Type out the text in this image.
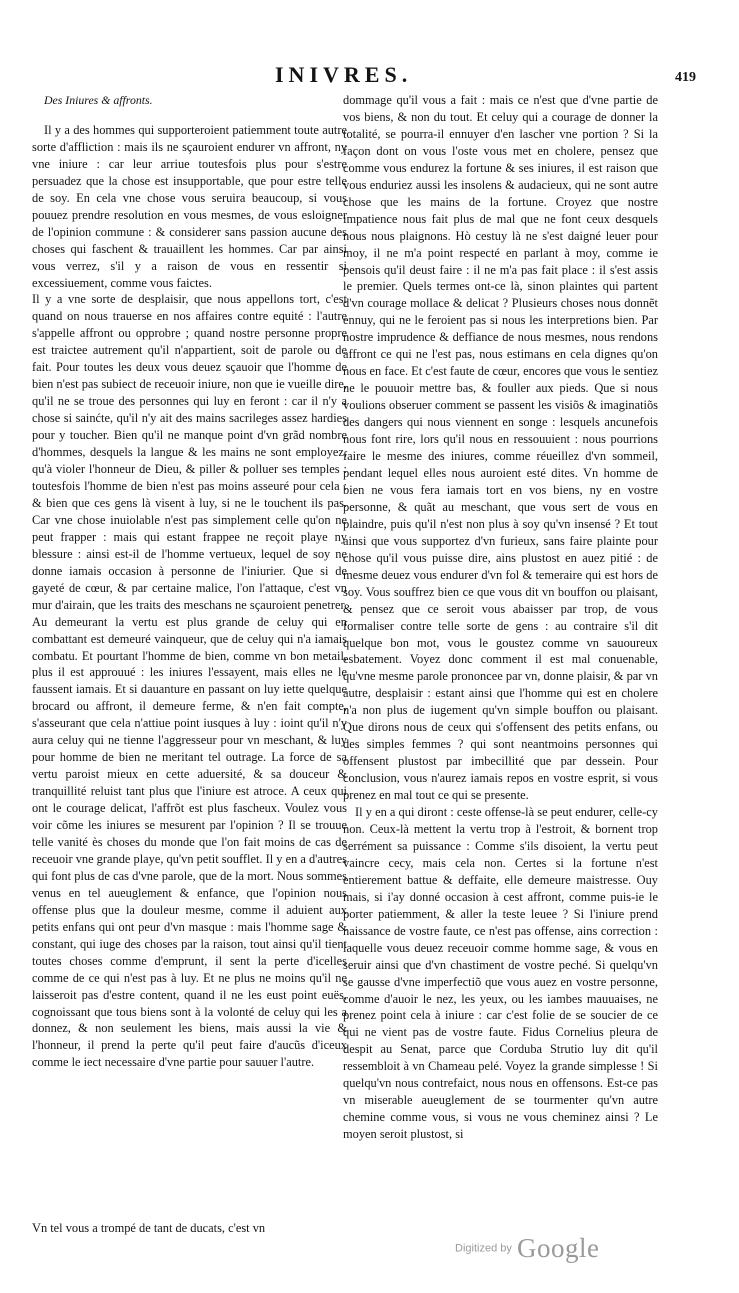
INIVRES.	419
Des Iniures & affronts.

Il y a des hommes qui supporteroient patiemment toute autre sorte d'affliction : mais ils ne sçauroient endurer vn affront, ny vne iniure : car leur arriue toutesfois plus pour s'estre persuadez que la chose est insupportable, que pour estre telle de soy. En cela vne chose vous seruira beaucoup, si vous pouuez prendre resolution en vous mesmes, de vous esloigner de l'opinion commune : & considerer sans passion aucune des choses qui faschent & trauaillent les hommes. Car par ainsi vous verrez, s'il y a raison de vous en ressentir si excessiuement, comme vous faictes.

Il y a vne sorte de desplaisir, que nous appellons tort, c'est quand on nous trauerse en nos affaires contre equité : l'autre s'appelle affront ou opprobre ; quand nostre personne propre est traictee autrement qu'il n'appartient, soit de parole ou de fait. Pour toutes les deux vous deuez sçauoir que l'homme de bien n'est pas subiect de receuoir iniure, non que ie vueille dire, qu'il ne se troue des personnes qui luy en feront : car il n'y a chose si sainćte, qu'il n'y ait des mains sacrileges assez hardies pour y toucher. Bien qu'il ne manque point d'vn grãd nombre d'hommes, desquels la langue & les mains ne sont employez, qu'à violer l'honneur de Dieu, & piller & polluer ses temples : toutesfois l'homme de bien n'est pas moins asseuré pour cela : & bien que ces gens là visent à luy, si ne le touchent ils pas. Car vne chose inuiolable n'est pas simplement celle qu'on ne peut frapper : mais qui estant frappee ne reçoit playe ny blessure : ainsi est-il de l'homme vertueux, lequel de soy ne donne iamais occasion à personne de l'iniurier. Que si de gayeté de cœur, & par certaine malice, l'on l'attaque, c'est vn mur d'airain, que les traits des meschans ne sçauroient penetrer. Au demeurant la vertu est plus grande de celuy qui en combattant est demeuré vainqueur, que de celuy qui n'a iamais combatu. Et pourtant l'homme de bien, comme vn bon metail, plus il est approuué : les iniures l'essayent, mais elles ne le faussent iamais. Et si dauanture en passant on luy iette quelque brocard ou affront, il demeure ferme, & n'en fait compte, s'asseurant que cela n'attiue point iusques à luy : ioint qu'il n'y aura celuy qui ne tienne l'aggresseur pour vn meschant, & luy pour homme de bien ne meritant tel outrage. La force de sa vertu paroist mieux en cette aduersité, & sa douceur & tranquillité reluist tant plus que l'iniure est atroce. A ceux qui ont le courage delicat, l'affrõt est plus fascheux. Voulez vous voir cõme les iniures se mesurent par l'opinion ? Il se trouue telle vanité ès choses du monde que l'on fait moins de cas de receuoir vne grande playe, qu'vn petit soufflet. Il y en a d'autres qui font plus de cas d'vne parole, que de la mort. Nous sommes venus en tel aueuglement & enfance, que l'opinion nous offense plus que la douleur mesme, comme il aduient aux petits enfans qui ont peur d'vn masque : mais l'homme sage & constant, qui iuge des choses par la raison, tout ainsi qu'il tient toutes choses comme d'emprunt, il sent la perte d'icelles comme de ce qui n'est pas à luy. Et ne plus ne moins qu'il ne laisseroit pas d'estre content, quand il ne les eust point euës, cognoissant que tous biens sont à la volonté de celuy qui les a donnez, & non seulement les biens, mais aussi la vie & l'honneur, il prend la perte qu'il peut faire d'aucũs d'iceux comme le iect necessaire d'vne partie pour sauuer l'autre.

Vn tel vous a trompé de tant de ducats, c'est vn

dommage qu'il vous a fait : mais ce n'est que d'vne partie de vos biens, & non du tout. Et celuy qui a courage de donner la totalité, se pourra-il ennuyer d'en lascher vne portion ? Si la façon dont on vous l'oste vous met en cholere, pensez que comme vous endurez la fortune & ses iniures, il est raison que vous enduriez aussi les insolens & audacieux, qui ne sont autre chose que les mains de la fortune. Croyez que nostre impatience nous fait plus de mal que ne font ceux desquels nous nous plaignons. Hò cestuy là ne s'est daigné leuer pour moy, il ne m'a point respecté en parlant à moy, comme ie pensois qu'il deust faire : il ne m'a pas fait place : il s'est assis le premier. Quels termes ont-ce là, sinon plaintes qui partent d'vn courage mollace & delicat ? Plusieurs choses nous donnẽt ennuy, qui ne le feroient pas si nous les interpretions bien. Par nostre imprudence & deffiance de nous mesmes, nous rendons affront ce qui ne l'est pas, nous estimans en cela dignes qu'on nous en face. Et c'est faute de cœur, encores que vous le sentiez ne le pouuoir mettre bas, & fouller aux pieds. Que si nous voulions obseruer comment se passent les visiõs & imaginatiõs des dangers qui nous viennent en songe : lesquels ancunefois nous font rire, lors qu'il nous en ressouuient : nous pourrions faire le mesme des iniures, comme réueillez d'vn sommeil, pendant lequel elles nous auroient esté dites. Vn homme de bien ne vous fera iamais tort en vos biens, ny en vostre personne, & quãt au meschant, que vous sert de vous en plaindre, puis qu'il n'est non plus à soy qu'vn insensé ? Et tout ainsi que vous supportez d'vn furieux, sans faire plainte pour chose qu'il vous puisse dire, ains plustost en auez pitié : de mesme deuez vous endurer d'vn fol & temeraire qui est hors de soy. Vous souffrez bien ce que vous dit vn bouffon ou plaisant, & pensez que ce seroit vous abaisser par trop, de vous formaliser contre telle sorte de gens : au contraire s'il dit quelque bon mot, vous le goustez comme vn sauoureux esbatement. Voyez donc comment il est mal conuenable, qu'vne mesme parole prononcee par vn, donne plaisir, & par vn autre, desplaisir : estant ainsi que l'homme qui est en cholere n'a non plus de iugement qu'vn simple bouffon ou plaisant. Que dirons nous de ceux qui s'offensent des petits enfans, ou des simples femmes ? qui sont neantmoins personnes qui offensent plustost par imbecillité que par dessein. Pour conclusion, vous n'aurez iamais repos en vostre esprit, si vous prenez en mal tout ce qui se presente.

Il y en a qui diront : ceste offense-là se peut endurer, celle-cy non. Ceux-là mettent la vertu trop à l'estroit, & bornent trop serrément sa puissance : Comme s'ils disoient, la vertu peut vaincre cecy, mais cela non. Certes si la fortune n'est entierement battue & deffaite, elle demeure maistresse. Ouy mais, si i'ay donné occasion à cest affront, comme puis-ie le porter patiemment, & aller la teste leuee ? Si l'iniure prend naissance de vostre faute, ce n'est pas offense, ains correction : laquelle vous deuez receuoir comme homme sage, & vous en seruir ainsi que d'vn chastiment de vostre peché. Si quelqu'vn se gausse d'vne imperfectiõ que vous auez en vostre personne, comme d'auoir le nez, les yeux, ou les iambes mauuaises, ne prenez point cela à iniure : car c'est folie de se soucier de ce qui ne vient pas de vostre faute. Fidus Cornelius pleura de despit au Senat, parce que Corduba Strutio luy dit qu'il ressembloit à vn Chameau pelé. Voyez la grande simplesse ! Si quelqu'vn nous contrefaict, nous nous en offensons. Est-ce pas vn miserable aueuglement de se tourmenter qu'vn autre chemine comme vous, si vous ne vous cheminez ainsi ? Le moyen seroit plustost, si

Digitized by Google
